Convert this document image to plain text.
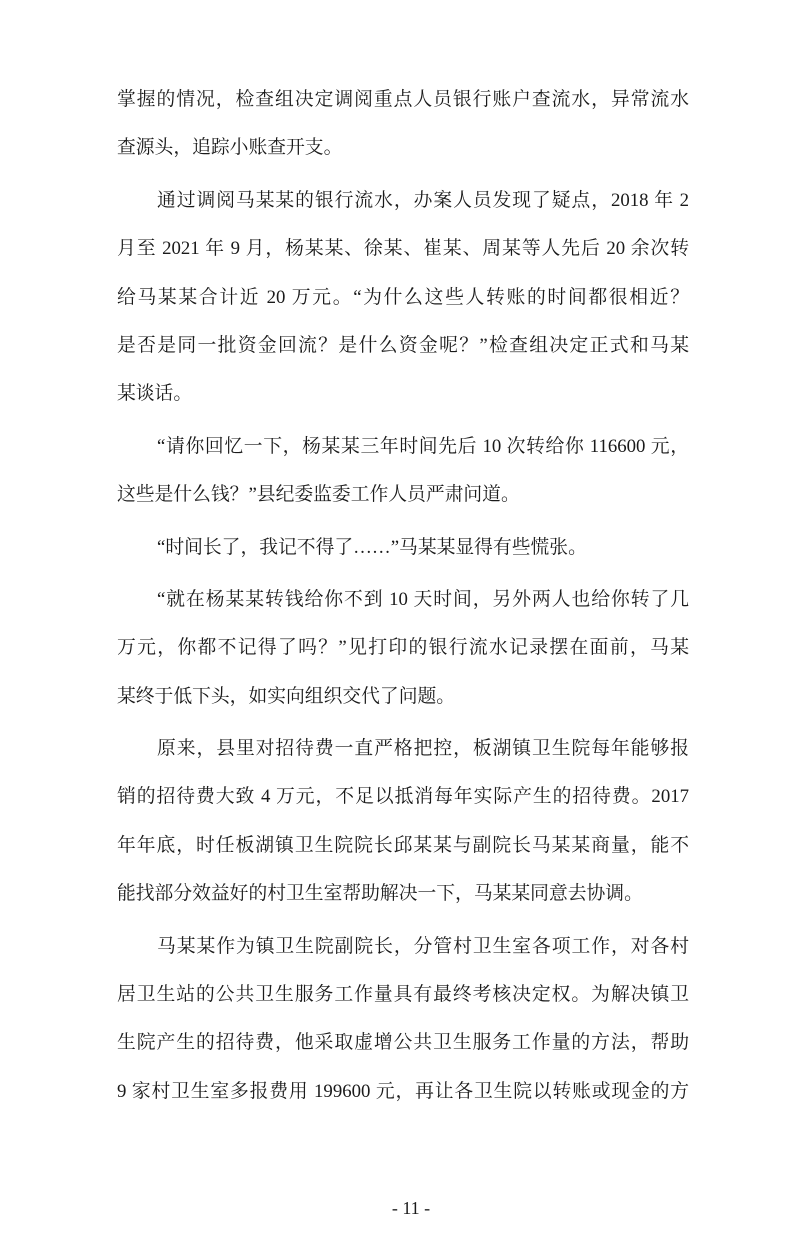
掌握的情况，检查组决定调阅重点人员银行账户查流水，异常流水
查源头，追踪小账查开支。
通过调阅马某某的银行流水，办案人员发现了疑点，2018 年 2
月至 2021 年 9 月，杨某某、徐某、崔某、周某等人先后 20 余次转
给马某某合计近 20 万元。“为什么这些人转账的时间都很相近？
是否是同一批资金回流？是什么资金呢？”检查组决定正式和马某
某谈话。
“请你回忆一下，杨某某三年时间先后 10 次转给你 116600 元，
这些是什么钱？”县纪委监委工作人员严肃问道。
“时间长了，我记不得了……”马某某显得有些慌张。
“就在杨某某转钱给你不到 10 天时间，另外两人也给你转了几
万元，你都不记得了吗？”见打印的银行流水记录摆在面前，马某
某终于低下头，如实向组织交代了问题。
原来，县里对招待费一直严格把控，板湖镇卫生院每年能够报
销的招待费大致 4 万元，不足以抵消每年实际产生的招待费。2017
年年底，时任板湖镇卫生院院长邱某某与副院长马某某商量，能不
能找部分效益好的村卫生室帮助解决一下，马某某同意去协调。
马某某作为镇卫生院副院长，分管村卫生室各项工作，对各村
居卫生站的公共卫生服务工作量具有最终考核决定权。为解决镇卫
生院产生的招待费，他采取虚增公共卫生服务工作量的方法，帮助
9 家村卫生室多报费用 199600 元，再让各卫生院以转账或现金的方
- 11 -
